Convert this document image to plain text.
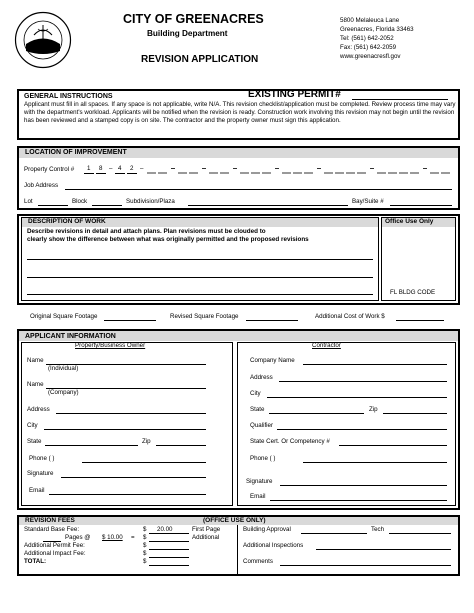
CITY OF GREENACRES
Building Department
REVISION APPLICATION
5800 Melaleuca Lane
Greenacres, Florida 33463
Tel: (561) 642-2052
Fax: (561) 642-2059
www.greenacresfl.gov
GENERAL INSTRUCTIONS	EXISTING PERMIT#
Applicant must fill in all spaces. If any space is not applicable, write N/A. This revision checklist/application must be completed. Review process time may vary with the department's workload. Applicants will be notified when the revision is ready. Construction work involving this revision may not begin until the revision has been reviewed and a stamped copy is on site. The contractor and the property owner must sign this application.
LOCATION OF IMPROVEMENT
Property Control # 1 8 – 4 2 –
Job Address
Lot	Block	Subdivision/Plaza	Bay/Suite #
DESCRIPTION OF WORK
Describe revisions in detail and attach plans. Plan revisions must be clouded to
clearly show the difference between what was originally permitted and the proposed revisions
Office Use Only
FL BLDG CODE
Original Square Footage	Revised Square Footage	Additional Cost of Work $
APPLICANT INFORMATION
Property/Business Owner	Contractor
Name
(Individual)
Name
(Company)
Address
City
State	Zip
Phone ( )
Signature
Email
Company Name
Address
City
State	Zip
Qualifier
State Cert. Or Competency #
Phone ( )
Signature
Email
REVISION FEES	(OFFICE USE ONLY)
Standard Base Fee:	$ 20.00	First Page
Pages @ $ 10.00 = $	Additional
Additional Permit Fee:	$
Additional Impact Fee:	$
TOTAL:	$
Building Approval	Tech
Additional Inspections
Comments
